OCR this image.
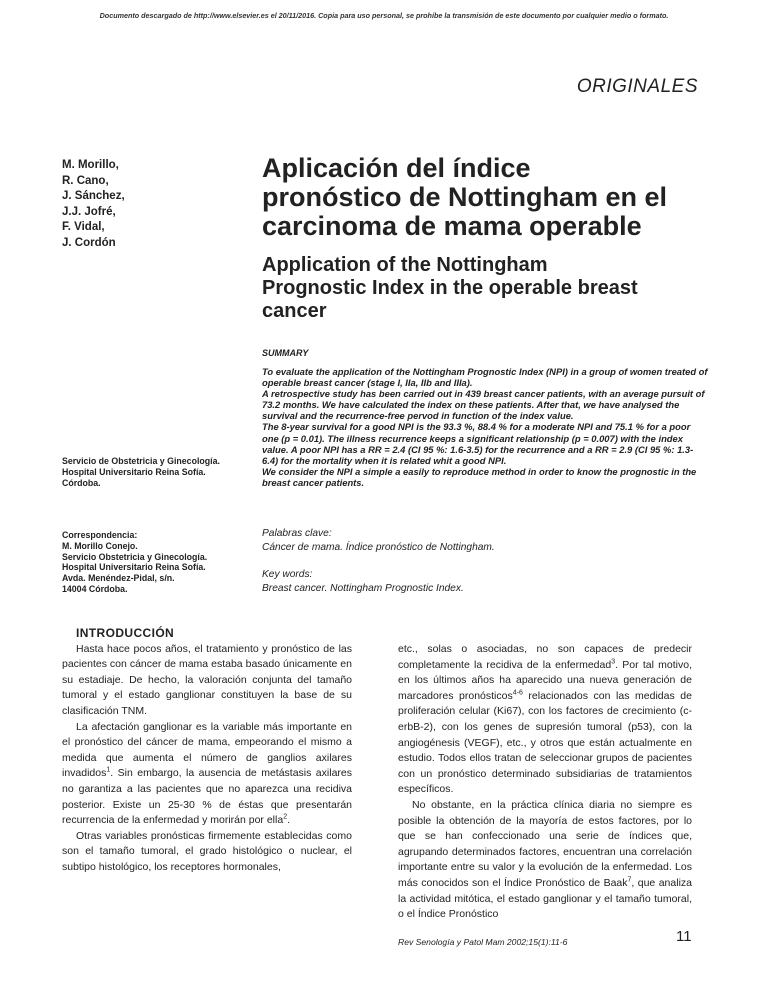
Documento descargado de http://www.elsevier.es el 20/11/2016. Copia para uso personal, se prohíbe la transmisión de este documento por cualquier medio o formato.
ORIGINALES
M. Morillo,
R. Cano,
J. Sánchez,
J.J. Jofré,
F. Vidal,
J. Cordón
Aplicación del índice
pronóstico de Nottingham en el
carcinoma de mama operable
Application of the Nottingham
Prognostic Index in the operable breast
cancer
SUMMARY

To evaluate the application of the Nottingham Prognostic Index (NPI) in a group of women treated of operable breast cancer (stage I, IIa, IIb and IIIa).

A retrospective study has been carried out in 439 breast cancer patients, with an average pursuit of 73.2 months. We have calculated the index on these patients. After that, we have analysed the survival and the recurrence-free pervod in function of the index value.

The 8-year survival for a good NPI is the 93.3 %, 88.4 % for a moderate NPI and 75.1 % for a poor one (p = 0.01). The illness recurrence keeps a significant relationship (p = 0.007) with the index value. A poor NPI has a RR = 2.4 (CI 95 %: 1.6-3.5) for the recurrence and a RR = 2.9 (CI 95 %: 1.3-6.4) for the mortality when it is related whit a good NPI.

We consider the NPI a simple a easily to reproduce method in order to know the prognostic in the breast cancer patients.

Servicio de Obstetricia y Ginecología.
Hospital Universitario Reina Sofía.
Córdoba.
Correspondencia:
M. Morillo Conejo.
Servicio Obstetricia y Ginecología.
Hospital Universitario Reina Sofía.
Avda. Menéndez-Pidal, s/n.
14004 Córdoba.
Palabras clave:
Cáncer de mama. Índice pronóstico de Nottingham.
Key words:
Breast cancer. Nottingham Prognostic Index.

INTRODUCCIÓN

Hasta hace pocos años, el tratamiento y pronóstico de las pacientes con cáncer de mama estaba basado únicamente en su estadiaje. De hecho, la valoración conjunta del tamaño tumoral y el estado ganglionar constituyen la base de su clasificación TNM.

La afectación ganglionar es la variable más importante en el pronóstico del cáncer de mama, empeorando el mismo a medida que aumenta el número de ganglios axilares invadidos$^1$. Sin embargo, la ausencia de metástasis axilares no garantiza a las pacientes que no aparezca una recidiva posterior. Existe un 25-30 % de éstas que presentarán recurrencia de la enfermedad y morirán por ella$^2$.

Otras variables pronósticas firmemente establecidas como son el tamaño tumoral, el grado histológico o nuclear, el subtipo histológico, los receptores hormonales,

etc., solas o asociadas, no son capaces de predecir completamente la recidiva de la enfermedad$^3$. Por tal motivo, en los últimos años ha aparecido una nueva generación de marcadores pronósticos$^{4-6}$ relacionados con las medidas de proliferación celular (Ki67), con los factores de crecimiento (c-erbB-2), con los genes de supresión tumoral (p53), con la angiogénesis (VEGF), etc., y otros que están actualmente en estudio. Todos ellos tratan de seleccionar grupos de pacientes con un pronóstico determinado subsidiarias de tratamientos específicos.

No obstante, en la práctica clínica diaria no siempre es posible la obtención de la mayoría de estos factores, por lo que se han confeccionado una serie de índices que, agrupando determinados factores, encuentran una correlación importante entre su valor y la evolución de la enfermedad. Los más conocidos son el Índice Pronóstico de Baak$^7$, que analiza la actividad mitótica, el estado ganglionar y el tamaño tumoral, o el Índice Pronóstico

Rev Senología y Patol Mam 2002;15(1):11-6	11
